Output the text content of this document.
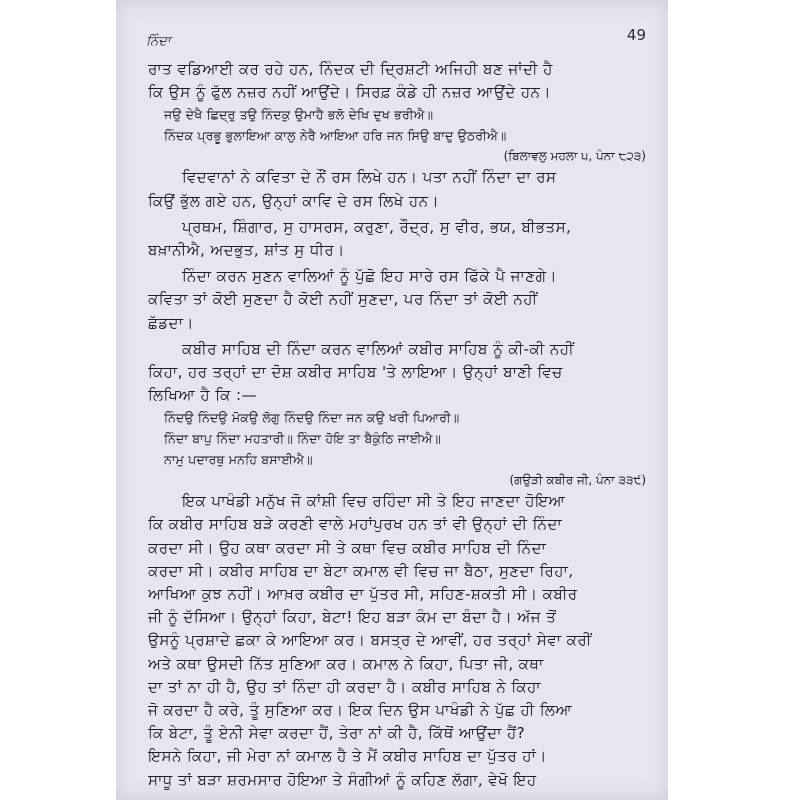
ਨਿੰਦਾ	49
ਰਾਤ ਵਡਿਆਈ ਕਰ ਰਹੇ ਹਨ, ਨਿੰਦਕ ਦੀ ਦ੍ਰਿਸ਼ਟੀ ਅਜਿਹੀ ਬਣ ਜਾਂਦੀ ਹੈ
ਕਿ ਉਸ ਨੂੰ ਫੁੱਲ ਨਜ਼ਰ ਨਹੀਂ ਆਉਂਦੇ। ਸਿਰਫ਼ ਕੰਡੇ ਹੀ ਨਜ਼ਰ ਆਉਂਦੇ ਹਨ।
ਜਉ ਦੇਖੈ ਛਿਦ੍ਰੁ ਤਉ ਨਿੰਦਕੁ ਉਮਾਹੈ ਭਲੋ ਦੇਖਿ ਦੁਖ ਭਰੀਐ॥
ਨਿੰਦਕ ਪ੍ਰਭੂ ਭੁਲਾਇਆ ਕਾਲੁ ਨੇਰੈ ਆਇਆ ਹਰਿ ਜਨ ਸਿਉ ਬਾਦੁ ਉਠਰੀਐ॥
(ਬਿਲਾਵਲੁ ਮਹਲਾ ੫, ਪੰਨਾ ੮੨੩)
ਵਿਦਵਾਨਾਂ ਨੇ ਕਵਿਤਾ ਦੇ ਨੌਂ ਰਸ ਲਿਖੇ ਹਨ। ਪਤਾ ਨਹੀਂ ਨਿੰਦਾ ਦਾ ਰਸ
ਕਿਉਂ ਭੁੱਲ ਗਏ ਹਨ, ਉਨ੍ਹਾਂ ਕਾਵਿ ਦੇ ਰਸ ਲਿਖੇ ਹਨ।
ਪ੍ਰਥਮ, ਸ਼ਿੰਗਾਰ, ਸੁ ਹਾਸਰਸ, ਕਰੁਣਾ, ਰੌਦ੍ਰ, ਸੁ ਵੀਰ, ਭਯ, ਬੀਭਤਸ,
ਬਖ਼ਾਨੀਐ, ਅਦਭੁਤ, ਸ਼ਾਂਤ ਸੁ ਧੀਰ।
ਨਿੰਦਾ ਕਰਨ ਸੁਣਨ ਵਾਲਿਆਂ ਨੂੰ ਪੁੱਛੋ ਇਹ ਸਾਰੇ ਰਸ ਫਿੱਕੇ ਪੈ ਜਾਣਗੇ।
ਕਵਿਤਾ ਤਾਂ ਕੋਈ ਸੁਣਦਾ ਹੈ ਕੋਈ ਨਹੀਂ ਸੁਣਦਾ, ਪਰ ਨਿੰਦਾ ਤਾਂ ਕੋਈ ਨਹੀਂ
ਛੱਡਦਾ।
ਕਬੀਰ ਸਾਹਿਬ ਦੀ ਨਿੰਦਾ ਕਰਨ ਵਾਲਿਆਂ ਕਬੀਰ ਸਾਹਿਬ ਨੂੰ ਕੀ-ਕੀ ਨਹੀਂ
ਕਿਹਾ, ਹਰ ਤਰ੍ਹਾਂ ਦਾ ਦੋਸ਼ ਕਬੀਰ ਸਾਹਿਬ 'ਤੇ ਲਾਇਆ। ਉਨ੍ਹਾਂ ਬਾਣੀ ਵਿਚ
ਲਿਖਿਆ ਹੈ ਕਿ :—
ਨਿੰਦਉ ਨਿੰਦਉ ਮੋਕਉ ਲੋਗੁ ਨਿੰਦਉ ਨਿੰਦਾ ਜਨ ਕਉ ਖਰੀ ਪਿਆਰੀ॥
ਨਿੰਦਾ ਬਾਪੁ ਨਿੰਦਾ ਮਹਤਾਰੀ॥ ਨਿੰਦਾ ਹੋਇ ਤਾ ਬੈਕੁੰਠਿ ਜਾਈਐ॥
ਨਾਮੁ ਪਦਾਰਥੁ ਮਨਹਿ ਬਸਾਈਐ॥
(ਗਉੜੀ ਕਬੀਰ ਜੀ, ਪੰਨਾ ੩੩੯)
ਇਕ ਪਾਖੰਡੀ ਮਨੁੱਖ ਜੋ ਕਾਂਸ਼ੀ ਵਿਚ ਰਹਿੰਦਾ ਸੀ ਤੇ ਇਹ ਜਾਣਦਾ ਹੋਇਆ
ਕਿ ਕਬੀਰ ਸਾਹਿਬ ਬੜੇ ਕਰਣੀ ਵਾਲੇ ਮਹਾਂਪੁਰਖ ਹਨ ਤਾਂ ਵੀ ਉਨ੍ਹਾਂ ਦੀ ਨਿੰਦਾ
ਕਰਦਾ ਸੀ। ਉਹ ਕਥਾ ਕਰਦਾ ਸੀ ਤੇ ਕਥਾ ਵਿਚ ਕਬੀਰ ਸਾਹਿਬ ਦੀ ਨਿੰਦਾ
ਕਰਦਾ ਸੀ। ਕਬੀਰ ਸਾਹਿਬ ਦਾ ਬੇਟਾ ਕਮਾਲ ਵੀ ਵਿਚ ਜਾ ਬੈਠਾ, ਸੁਣਦਾ ਰਿਹਾ,
ਆਖਿਆ ਕੁਝ ਨਹੀਂ। ਆਖ਼ਰ ਕਬੀਰ ਦਾ ਪੁੱਤਰ ਸੀ, ਸਹਿਣ-ਸ਼ਕਤੀ ਸੀ। ਕਬੀਰ
ਜੀ ਨੂੰ ਦੱਸਿਆ। ਉਨ੍ਹਾਂ ਕਿਹਾ, ਬੇਟਾ! ਇਹ ਬੜਾ ਕੰਮ ਦਾ ਬੰਦਾ ਹੈ। ਅੱਜ ਤੋਂ
ਉਸਨੂੰ ਪ੍ਰਸ਼ਾਦੇ ਛਕਾ ਕੇ ਆਇਆ ਕਰ। ਬਸਤ੍ਰ ਦੇ ਆਵੀਂ, ਹਰ ਤਰ੍ਹਾਂ ਸੇਵਾ ਕਰੀਂ
ਅਤੇ ਕਥਾ ਉਸਦੀ ਨਿੱਤ ਸੁਣਿਆ ਕਰ। ਕਮਾਲ ਨੇ ਕਿਹਾ, ਪਿਤਾ ਜੀ, ਕਥਾ
ਦਾ ਤਾਂ ਨਾ ਹੀ ਹੈ, ਉਹ ਤਾਂ ਨਿੰਦਾ ਹੀ ਕਰਦਾ ਹੈ। ਕਬੀਰ ਸਾਹਿਬ ਨੇ ਕਿਹਾ
ਜੋ ਕਰਦਾ ਹੈ ਕਰੇ, ਤੂੰ ਸੁਣਿਆ ਕਰ। ਇਕ ਦਿਨ ਉਸ ਪਾਖੰਡੀ ਨੇ ਪੁੱਛ ਹੀ ਲਿਆ
ਕਿ ਬੇਟਾ, ਤੂੰ ਏਨੀ ਸੇਵਾ ਕਰਦਾ ਹੈਂ, ਤੇਰਾ ਨਾਂ ਕੀ ਹੈ, ਕਿੱਥੋਂ ਆਉਂਦਾ ਹੈਂ?
ਇਸਨੇ ਕਿਹਾ, ਜੀ ਮੇਰਾ ਨਾਂ ਕਮਾਲ ਹੈ ਤੇ ਮੈਂ ਕਬੀਰ ਸਾਹਿਬ ਦਾ ਪੁੱਤਰ ਹਾਂ।
ਸਾਧੂ ਤਾਂ ਬੜਾ ਸ਼ਰਮਸਾਰ ਹੋਇਆ ਤੇ ਸੰਗੀਆਂ ਨੂੰ ਕਹਿਣ ਲੱਗਾ, ਵੇਖੋ ਇਹ
